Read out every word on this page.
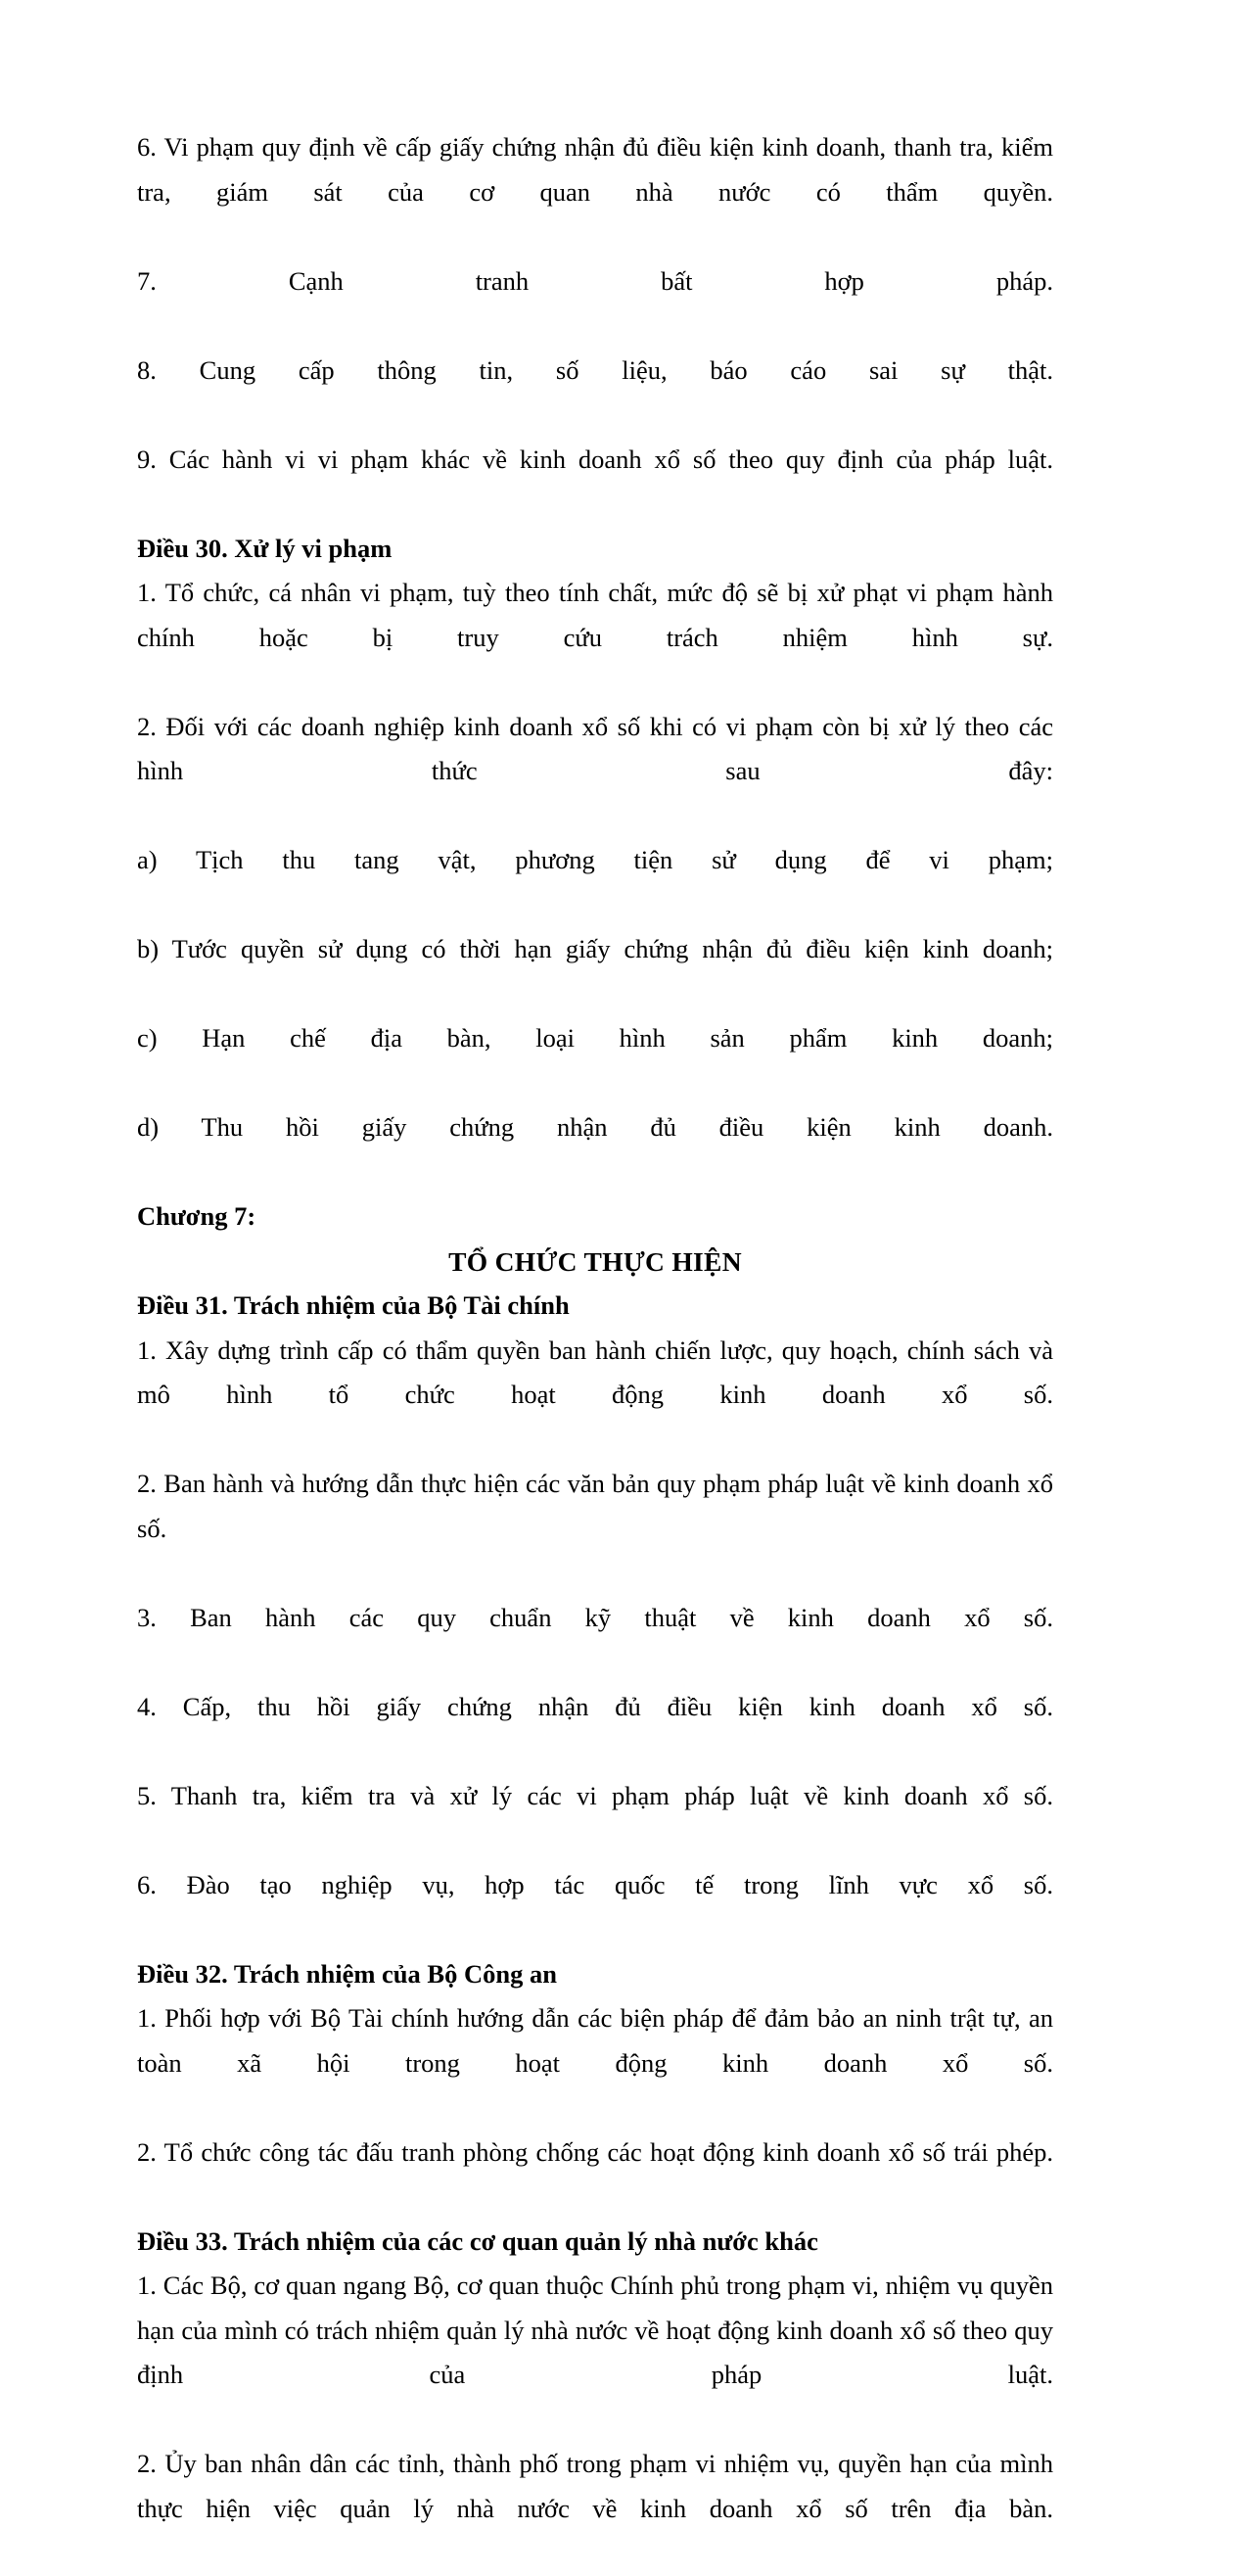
6. Vi phạm quy định về cấp giấy chứng nhận đủ điều kiện kinh doanh, thanh tra, kiểm tra, giám sát của cơ quan nhà nước có thẩm quyền.

7. Cạnh tranh bất hợp pháp.

8. Cung cấp thông tin, số liệu, báo cáo sai sự thật.

9. Các hành vi vi phạm khác về kinh doanh xổ số theo quy định của pháp luật.

Điều 30. Xử lý vi phạm

1. Tổ chức, cá nhân vi phạm, tuỳ theo tính chất, mức độ sẽ bị xử phạt vi phạm hành chính hoặc bị truy cứu trách nhiệm hình sự.

2. Đối với các doanh nghiệp kinh doanh xổ số khi có vi phạm còn bị xử lý theo các hình thức sau đây:

a) Tịch thu tang vật, phương tiện sử dụng để vi phạm;

b) Tước quyền sử dụng có thời hạn giấy chứng nhận đủ điều kiện kinh doanh;

c) Hạn chế địa bàn, loại hình sản phẩm kinh doanh;

d) Thu hồi giấy chứng nhận đủ điều kiện kinh doanh.

Chương 7:

TỔ CHỨC THỰC HIỆN

Điều 31. Trách nhiệm của Bộ Tài chính

1. Xây dựng trình cấp có thẩm quyền ban hành chiến lược, quy hoạch, chính sách và mô hình tổ chức hoạt động kinh doanh xổ số.

2. Ban hành và hướng dẫn thực hiện các văn bản quy phạm pháp luật về kinh doanh xổ số.

3. Ban hành các quy chuẩn kỹ thuật về kinh doanh xổ số.

4. Cấp, thu hồi giấy chứng nhận đủ điều kiện kinh doanh xổ số.

5. Thanh tra, kiểm tra và xử lý các vi phạm pháp luật về kinh doanh xổ số.

6. Đào tạo nghiệp vụ, hợp tác quốc tế trong lĩnh vực xổ số.

Điều 32. Trách nhiệm của Bộ Công an

1. Phối hợp với Bộ Tài chính hướng dẫn các biện pháp để đảm bảo an ninh trật tự, an toàn xã hội trong hoạt động kinh doanh xổ số.

2. Tổ chức công tác đấu tranh phòng chống các hoạt động kinh doanh xổ số trái phép.

Điều 33. Trách nhiệm của các cơ quan quản lý nhà nước khác

1. Các Bộ, cơ quan ngang Bộ, cơ quan thuộc Chính phủ trong phạm vi, nhiệm vụ quyền hạn của mình có trách nhiệm quản lý nhà nước về hoạt động kinh doanh xổ số theo quy định của pháp luật.

2. Ủy ban nhân dân các tỉnh, thành phố trong phạm vi nhiệm vụ, quyền hạn của mình thực hiện việc quản lý nhà nước về kinh doanh xổ số trên địa bàn.
